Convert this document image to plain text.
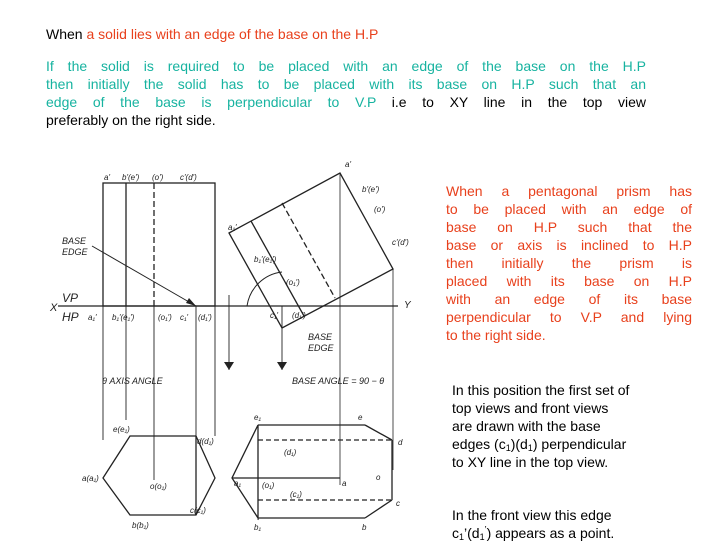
When a solid lies with an edge of the base on the H.P
If the solid is required to be placed with an edge of the base on the H.P
then initially the solid has to be placed with its base on H.P such that an
edge of the base is perpendicular to V.P i.e to XY line in the top view
preferably on the right side.
When a pentagonal prism has
to be placed with an edge of
base on H.P such that the
base or axis is inclined to H.P
then initially the prism is
placed with its base on H.P
with an edge of its base
perpendicular to V.P and lying
to the right side.
In this position the first set of
top views and front views
are drawn with the base
edges $(c_1)(d_1)$ perpendicular
to XY line in the top view.
In the front view this edge
$c_1’(d_1^’)$ appears as a point.
BASE
EDGE
VP
HP
X	Y
θ AXIS ANGLE	BASE ANGLE = 90 − θ
BASE
EDGE
a' b'(e') (o') c'(d')
a₁' b₁'(e₁')	(o₁') c₁' (d₁')
a'
b'(e')
(o')
c'(d')
a₁'
b₁'(e₁')
(o₁')
c₁' (d₁')
e(e₁)
d(d₁)
a(a₁)
o(o₁)
c(c₁)
b(b₁)
e₁	e
(d₁)
d
a₁	(o₁)	a
o
(c₁)
c
b₁	b
